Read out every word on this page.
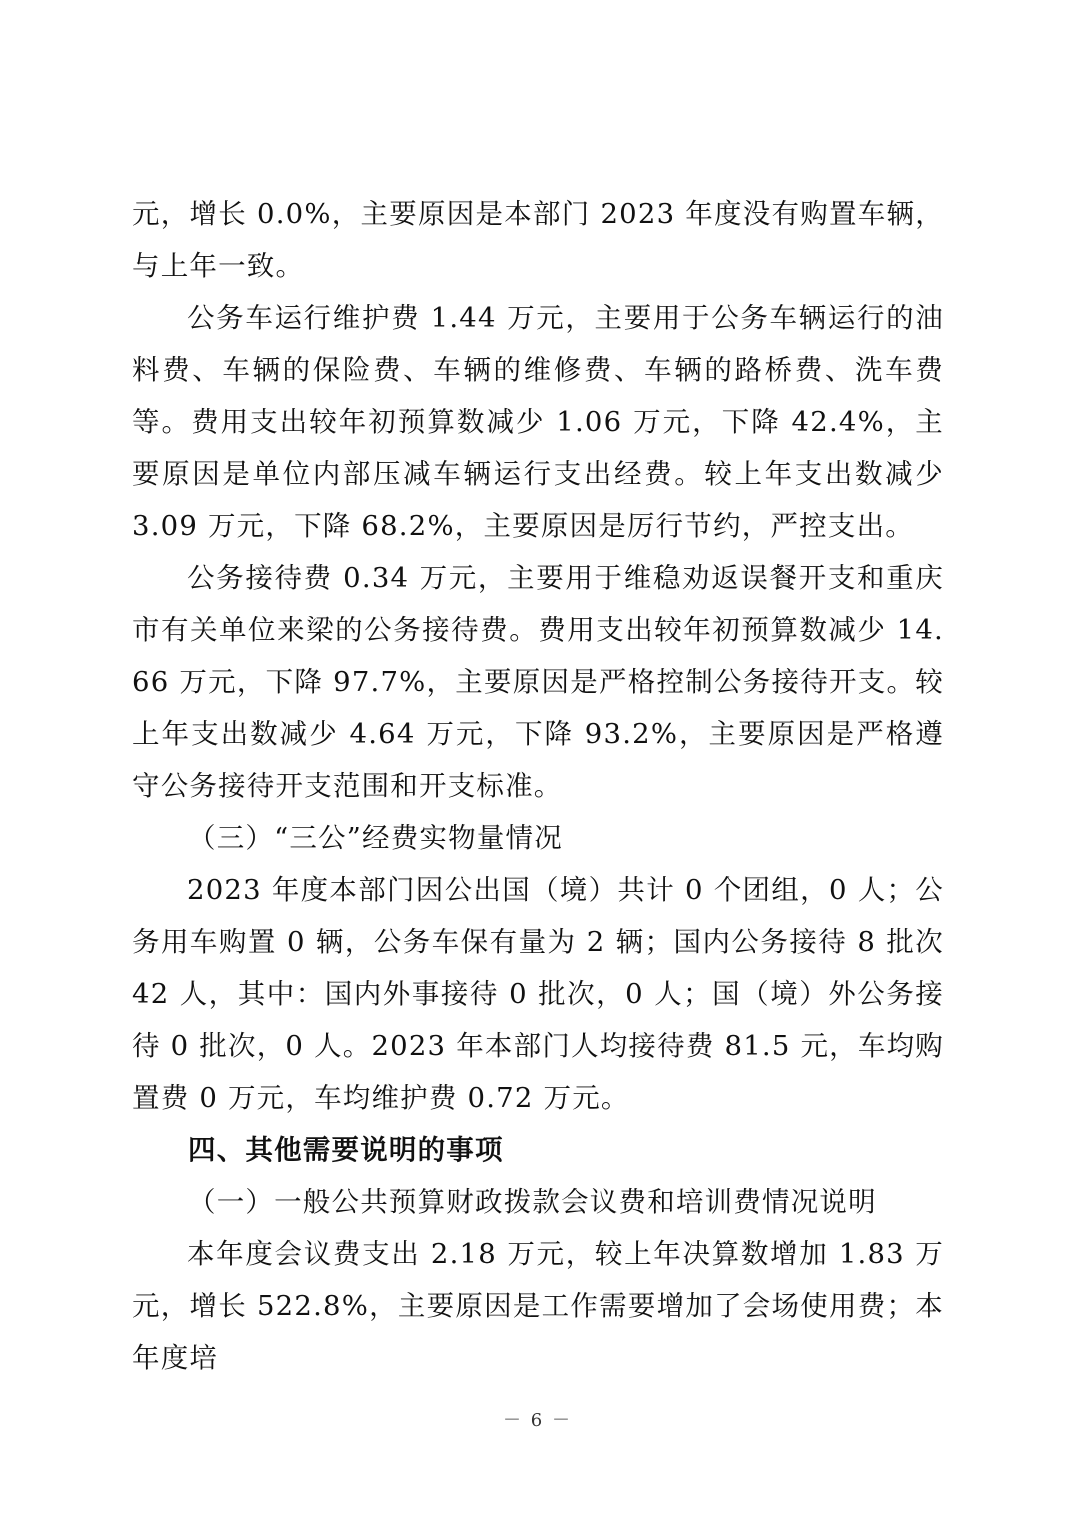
元，增长 0.0%，主要原因是本部门 2023 年度没有购置车辆，与上年一致。

公务车运行维护费 1.44 万元，主要用于公务车辆运行的油料费、车辆的保险费、车辆的维修费、车辆的路桥费、洗车费等。费用支出较年初预算数减少 1.06 万元，下降 42.4%，主要原因是单位内部压减车辆运行支出经费。较上年支出数减少 3.09 万元，下降 68.2%，主要原因是厉行节约，严控支出。

公务接待费 0.34 万元，主要用于维稳劝返误餐开支和重庆市有关单位来梁的公务接待费。费用支出较年初预算数减少 14.66 万元，下降 97.7%，主要原因是严格控制公务接待开支。较上年支出数减少 4.64 万元，下降 93.2%，主要原因是严格遵守公务接待开支范围和开支标准。

（三）“三公”经费实物量情况

2023 年度本部门因公出国（境）共计 0 个团组，0 人；公务用车购置 0 辆，公务车保有量为 2 辆；国内公务接待 8 批次 42 人，其中：国内外事接待 0 批次，0 人；国（境）外公务接待 0 批次，0 人。2023 年本部门人均接待费 81.5 元，车均购置费 0 万元，车均维护费 0.72 万元。

四、其他需要说明的事项

（一）一般公共预算财政拨款会议费和培训费情况说明

本年度会议费支出 2.18 万元，较上年决算数增加 1.83 万元，增长 522.8%，主要原因是工作需要增加了会场使用费；本年度培

－ 6 －
